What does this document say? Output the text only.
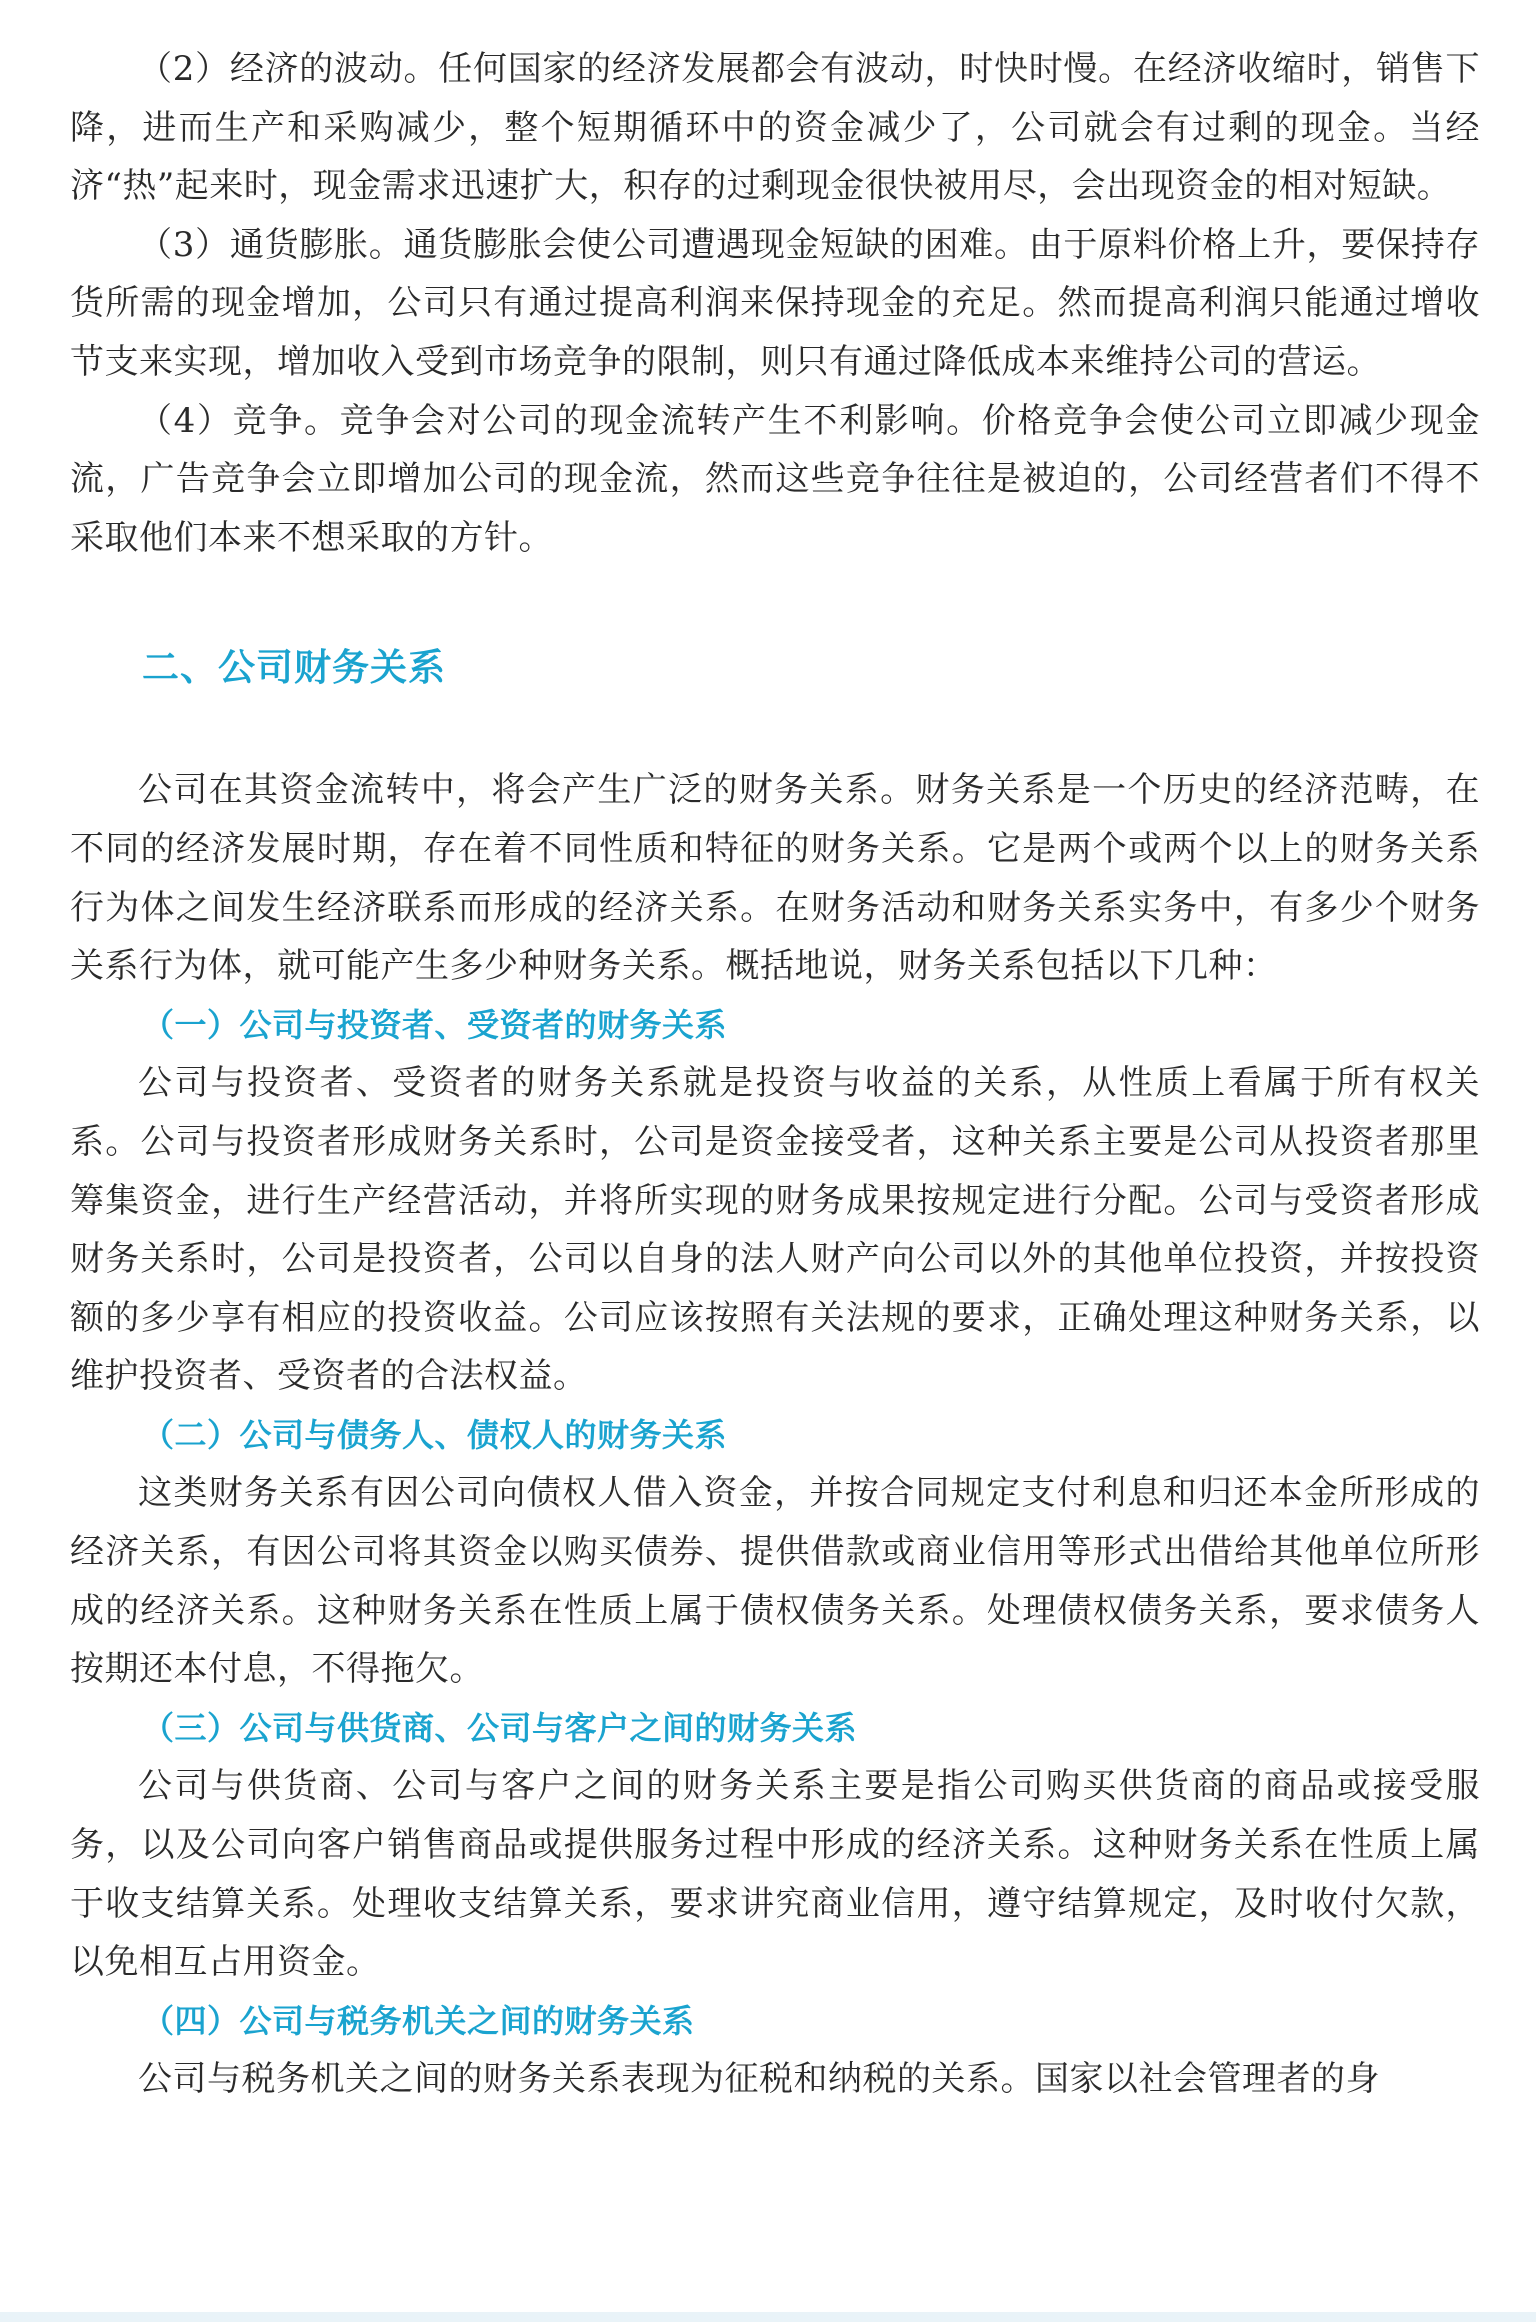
（2）经济的波动。任何国家的经济发展都会有波动，时快时慢。在经济收缩时，销售下降，进而生产和采购减少，整个短期循环中的资金减少了，公司就会有过剩的现金。当经济“热”起来时，现金需求迅速扩大，积存的过剩现金很快被用尽，会出现资金的相对短缺。

（3）通货膨胀。通货膨胀会使公司遭遇现金短缺的困难。由于原料价格上升，要保持存货所需的现金增加，公司只有通过提高利润来保持现金的充足。然而提高利润只能通过增收节支来实现，增加收入受到市场竞争的限制，则只有通过降低成本来维持公司的营运。

（4）竞争。竞争会对公司的现金流转产生不利影响。价格竞争会使公司立即减少现金流，广告竞争会立即增加公司的现金流，然而这些竞争往往是被迫的，公司经营者们不得不采取他们本来不想采取的方针。

二、公司财务关系

公司在其资金流转中，将会产生广泛的财务关系。财务关系是一个历史的经济范畴，在不同的经济发展时期，存在着不同性质和特征的财务关系。它是两个或两个以上的财务关系行为体之间发生经济联系而形成的经济关系。在财务活动和财务关系实务中，有多少个财务关系行为体，就可能产生多少种财务关系。概括地说，财务关系包括以下几种：

（一）公司与投资者、受资者的财务关系

公司与投资者、受资者的财务关系就是投资与收益的关系，从性质上看属于所有权关系。公司与投资者形成财务关系时，公司是资金接受者，这种关系主要是公司从投资者那里筹集资金，进行生产经营活动，并将所实现的财务成果按规定进行分配。公司与受资者形成财务关系时，公司是投资者，公司以自身的法人财产向公司以外的其他单位投资，并按投资额的多少享有相应的投资收益。公司应该按照有关法规的要求，正确处理这种财务关系，以维护投资者、受资者的合法权益。

（二）公司与债务人、债权人的财务关系

这类财务关系有因公司向债权人借入资金，并按合同规定支付利息和归还本金所形成的经济关系，有因公司将其资金以购买债券、提供借款或商业信用等形式出借给其他单位所形成的经济关系。这种财务关系在性质上属于债权债务关系。处理债权债务关系，要求债务人按期还本付息，不得拖欠。

（三）公司与供货商、公司与客户之间的财务关系

公司与供货商、公司与客户之间的财务关系主要是指公司购买供货商的商品或接受服务，以及公司向客户销售商品或提供服务过程中形成的经济关系。这种财务关系在性质上属于收支结算关系。处理收支结算关系，要求讲究商业信用，遵守结算规定，及时收付欠款，以免相互占用资金。

（四）公司与税务机关之间的财务关系

公司与税务机关之间的财务关系表现为征税和纳税的关系。国家以社会管理者的身
